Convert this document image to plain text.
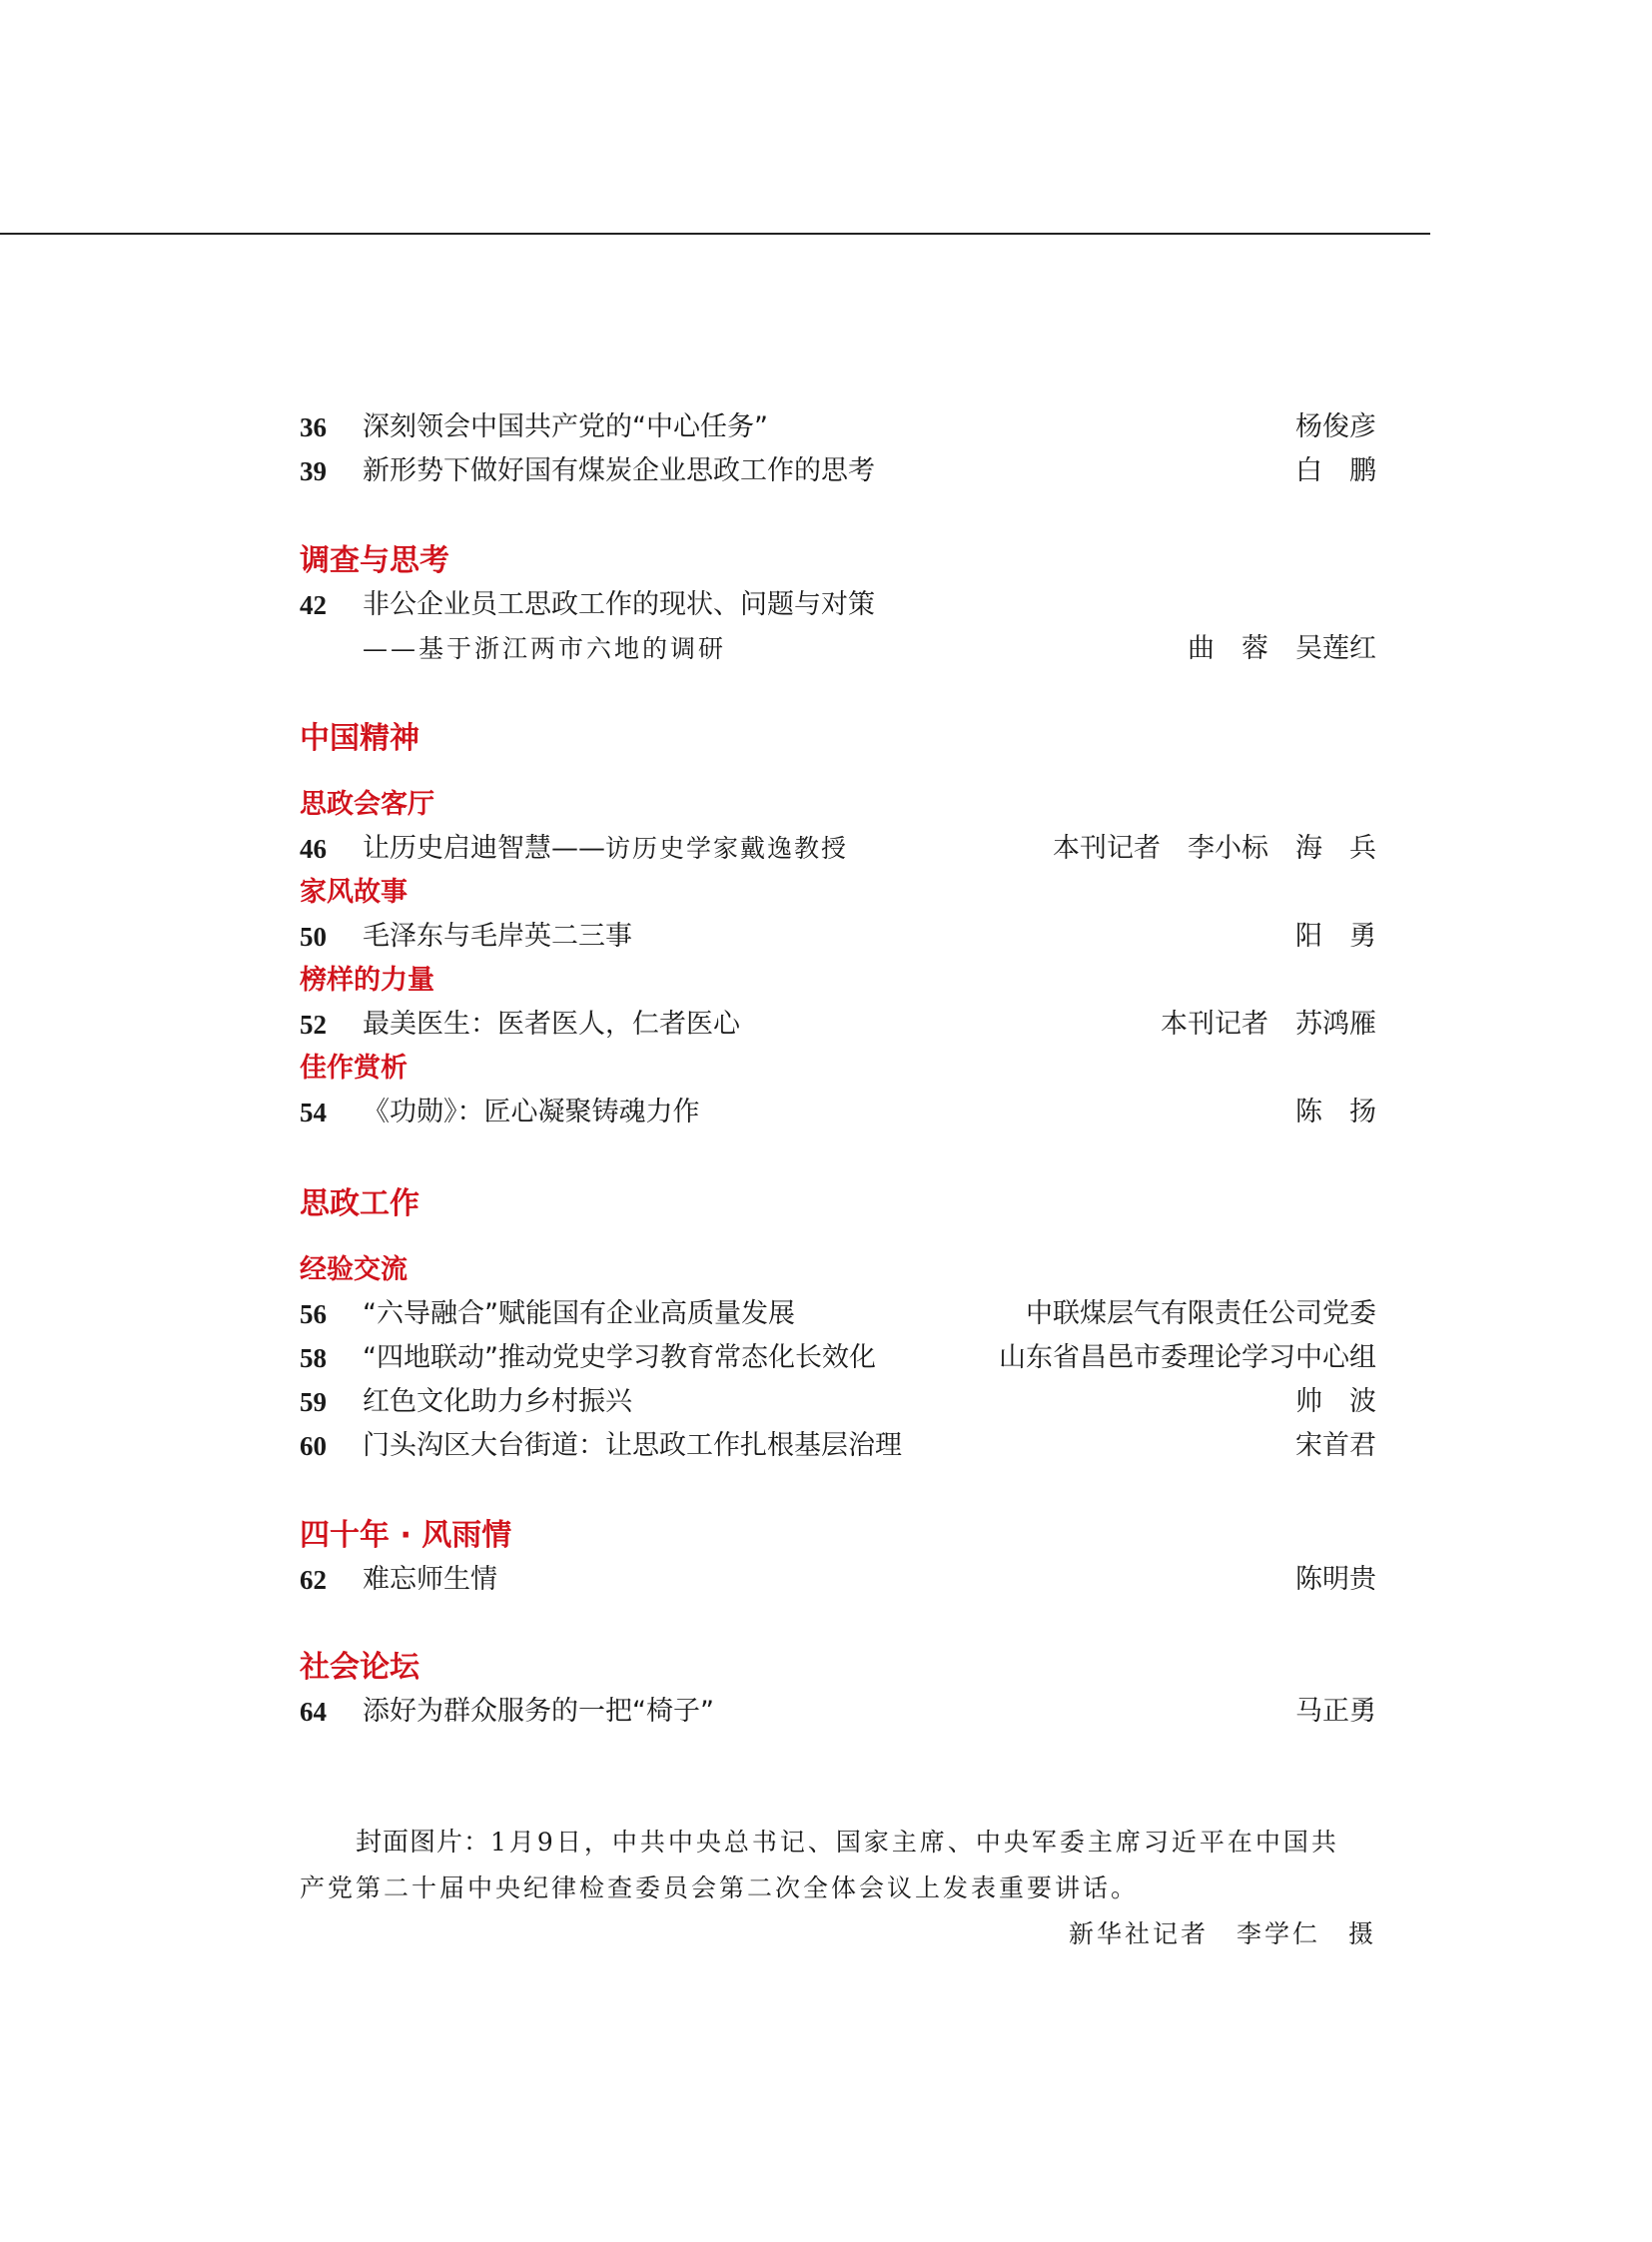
36 深刻领会中国共产党的“中心任务”	杨俊彦
39 新形势下做好国有煤炭企业思政工作的思考	白　鹏
调查与思考
42 非公企业员工思政工作的现状、问题与对策
——基于浙江两市六地的调研	曲　蓉　吴莲红
中国精神
思政会客厅
46 让历史启迪智慧——访历史学家戴逸教授	本刊记者　李小标　海　兵
家风故事
50 毛泽东与毛岸英二三事	阳　勇
榜样的力量
52 最美医生：医者医人，仁者医心	本刊记者　苏鸿雁
佳作赏析
54 《功勋》：匠心凝聚铸魂力作	陈　扬
思政工作
经验交流
56 “六导融合”赋能国有企业高质量发展	中联煤层气有限责任公司党委
58 “四地联动”推动党史学习教育常态化长效化	山东省昌邑市委理论学习中心组
59 红色文化助力乡村振兴	帅　波
60 门头沟区大台街道：让思政工作扎根基层治理	宋首君
四十年 · 风雨情
62 难忘师生情	陈明贵
社会论坛
64 添好为群众服务的一把“椅子”	马正勇
封面图片：1月9日，中共中央总书记、国家主席、中央军委主席习近平在中国共
产党第二十届中央纪律检查委员会第二次全体会议上发表重要讲话。
新华社记者　李学仁　摄
